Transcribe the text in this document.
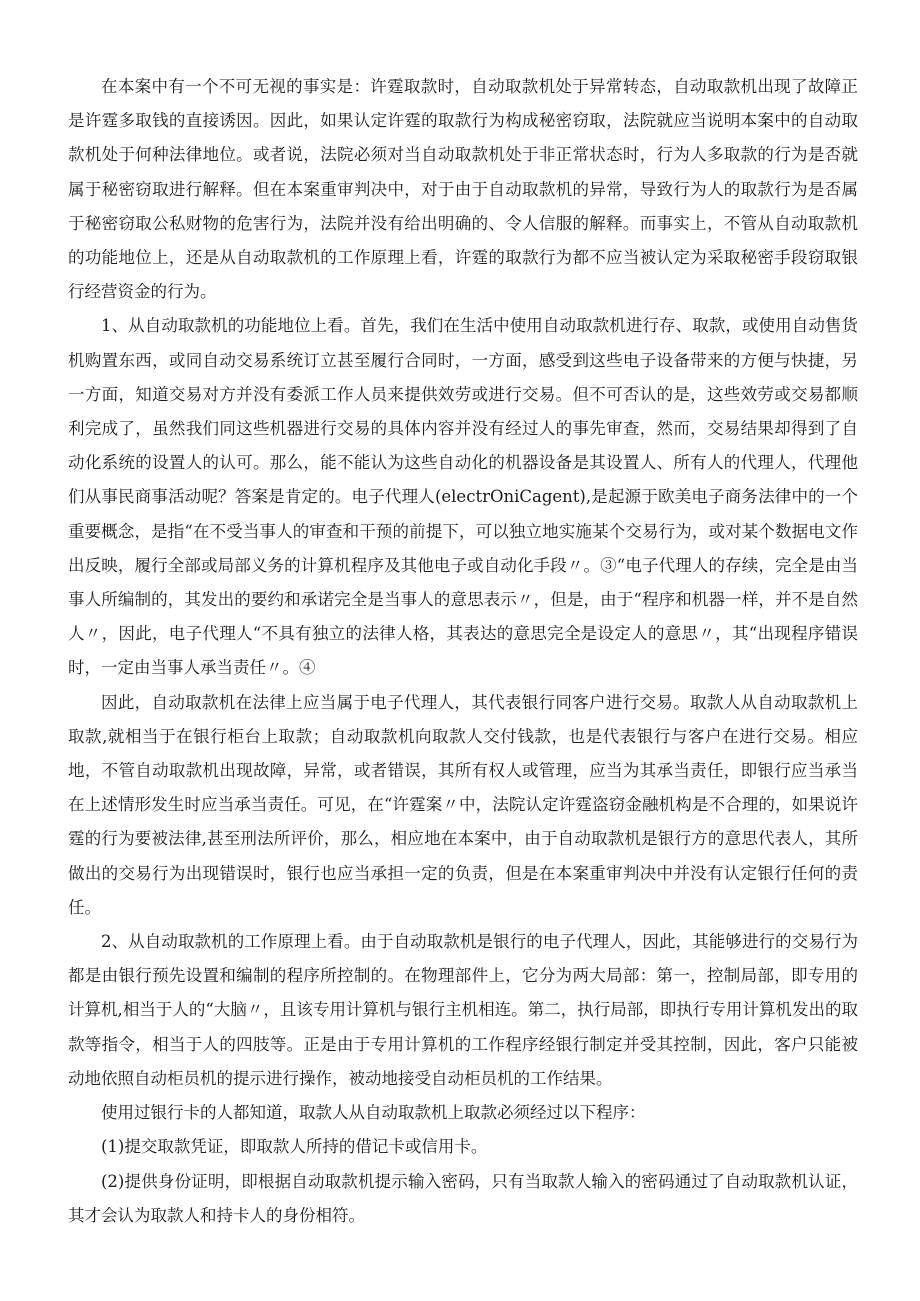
在本案中有一个不可无视的事实是：许霆取款时，自动取款机处于异常转态，自动取款机出现了故障正是许霆多取钱的直接诱因。因此，如果认定许霆的取款行为构成秘密窃取，法院就应当说明本案中的自动取款机处于何种法律地位。或者说，法院必须对当自动取款机处于非正常状态时，行为人多取款的行为是否就属于秘密窃取进行解释。但在本案重审判决中，对于由于自动取款机的异常，导致行为人的取款行为是否属于秘密窃取公私财物的危害行为，法院并没有给出明确的、令人信服的解释。而事实上，不管从自动取款机的功能地位上，还是从自动取款机的工作原理上看，许霆的取款行为都不应当被认定为采取秘密手段窃取银行经营资金的行为。

1、从自动取款机的功能地位上看。首先，我们在生活中使用自动取款机进行存、取款，或使用自动售货机购置东西，或同自动交易系统订立甚至履行合同时，一方面，感受到这些电子设备带来的方便与快捷，另一方面，知道交易对方并没有委派工作人员来提供效劳或进行交易。但不可否认的是，这些效劳或交易都顺利完成了，虽然我们同这些机器进行交易的具体内容并没有经过人的事先审查，然而，交易结果却得到了自动化系统的设置人的认可。那么，能不能认为这些自动化的机器设备是其设置人、所有人的代理人，代理他们从事民商事活动呢？答案是肯定的。电子代理人(electrOniCagent),是起源于欧美电子商务法律中的一个重要概念，是指“在不受当事人的审查和干预的前提下，可以独立地实施某个交易行为，或对某个数据电文作出反映，履行全部或局部义务的计算机程序及其他电子或自动化手段〃。③“电子代理人的存续，完全是由当事人所编制的，其发出的要约和承诺完全是当事人的意思表示〃，但是，由于“程序和机器一样，并不是自然人〃，因此，电子代理人“不具有独立的法律人格，其表达的意思完全是设定人的意思〃，其“出现程序错误时，一定由当事人承当责任〃。④

因此，自动取款机在法律上应当属于电子代理人，其代表银行同客户进行交易。取款人从自动取款机上取款,就相当于在银行柜台上取款；自动取款机向取款人交付钱款，也是代表银行与客户在进行交易。相应地，不管自动取款机出现故障，异常，或者错误，其所有权人或管理，应当为其承当责任，即银行应当承当在上述情形发生时应当承当责任。可见，在“许霆案〃中，法院认定许霆盗窃金融机构是不合理的，如果说许霆的行为要被法律,甚至刑法所评价，那么，相应地在本案中，由于自动取款机是银行方的意思代表人，其所做出的交易行为出现错误时，银行也应当承担一定的负责，但是在本案重审判决中并没有认定银行任何的责任。

2、从自动取款机的工作原理上看。由于自动取款机是银行的电子代理人，因此，其能够进行的交易行为都是由银行预先设置和编制的程序所控制的。在物理部件上，它分为两大局部：第一，控制局部，即专用的计算机,相当于人的“大脑〃，且该专用计算机与银行主机相连。第二，执行局部，即执行专用计算机发出的取款等指令，相当于人的四肢等。正是由于专用计算机的工作程序经银行制定并受其控制，因此，客户只能被动地依照自动柜员机的提示进行操作，被动地接受自动柜员机的工作结果。

使用过银行卡的人都知道，取款人从自动取款机上取款必须经过以下程序：

(1)提交取款凭证，即取款人所持的借记卡或信用卡。

(2)提供身份证明，即根据自动取款机提示输入密码，只有当取款人输入的密码通过了自动取款机认证，其才会认为取款人和持卡人的身份相符。
